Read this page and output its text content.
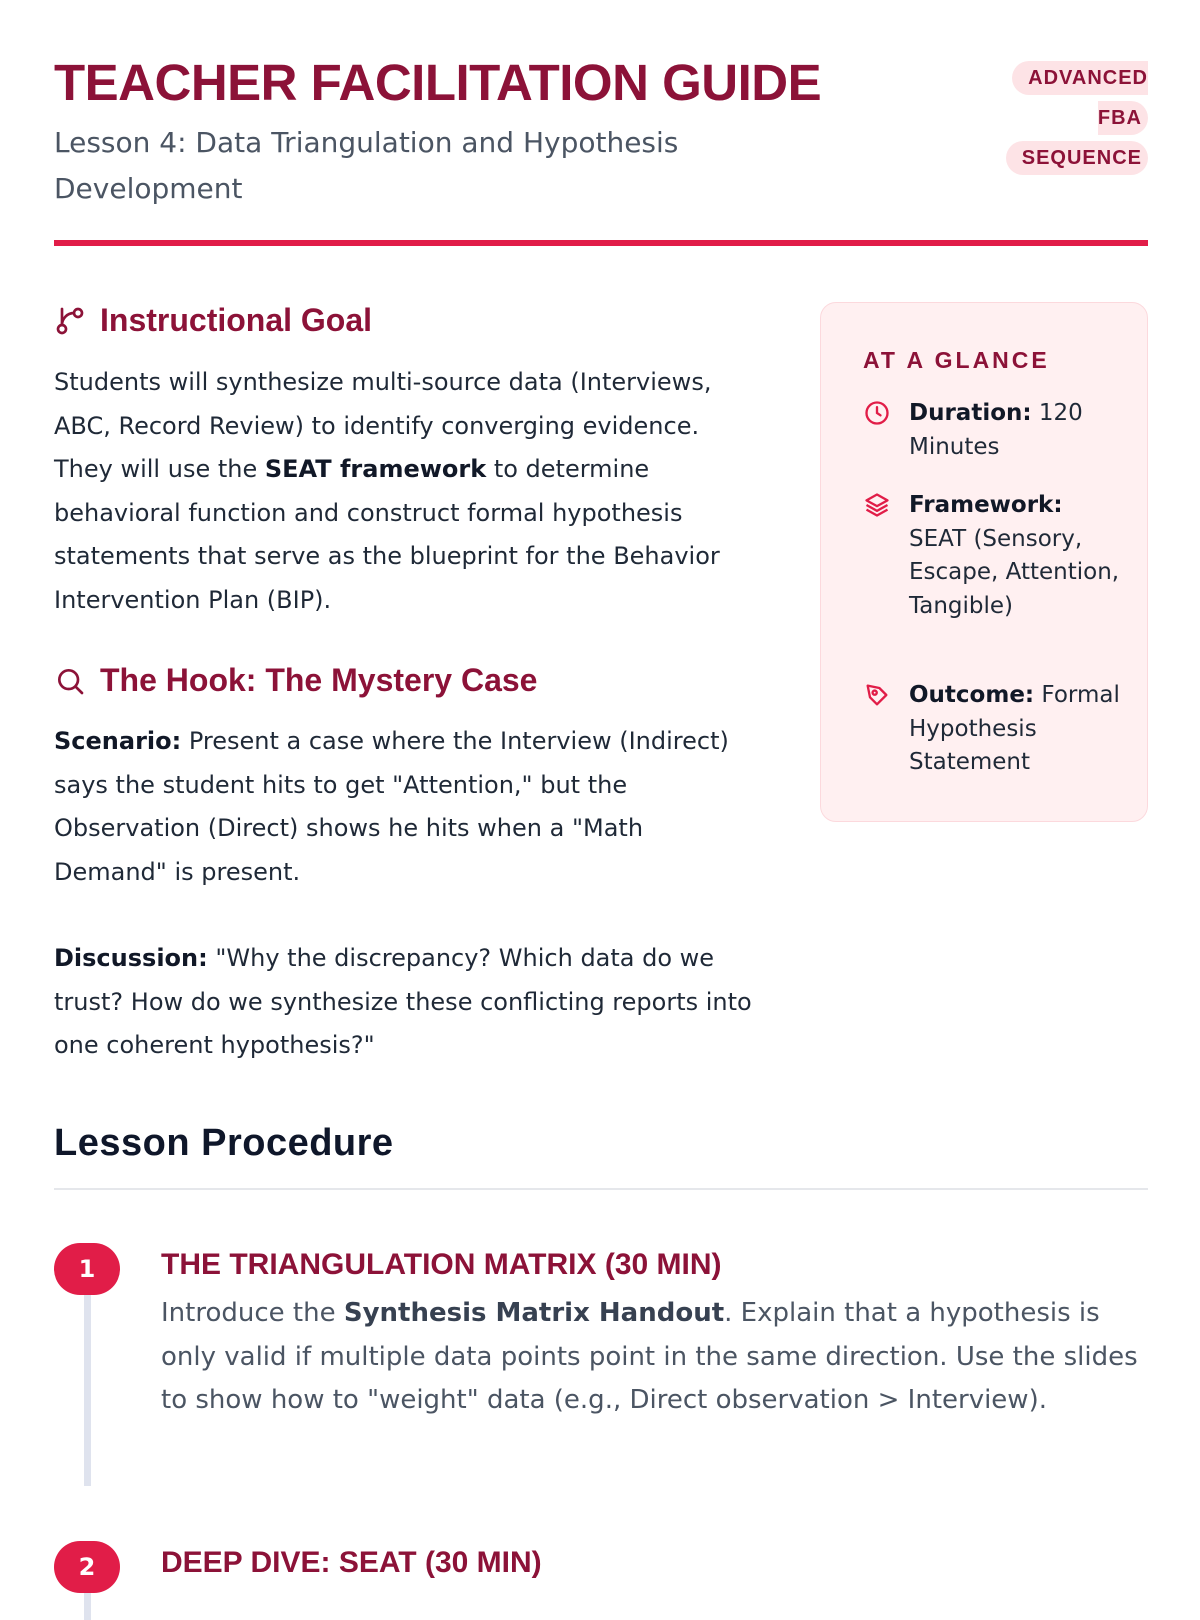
TEACHER FACILITATION GUIDE
Lesson 4: Data Triangulation and Hypothesis Development
ADVANCED FBA
SEQUENCE
Instructional Goal
Students will synthesize multi-source data (Interviews, ABC, Record Review) to identify converging evidence. They will use the SEAT framework to determine behavioral function and construct formal hypothesis statements that serve as the blueprint for the Behavior Intervention Plan (BIP).
The Hook: The Mystery Case
Scenario: Present a case where the Interview (Indirect) says the student hits to get "Attention," but the Observation (Direct) shows he hits when a "Math Demand" is present.
Discussion: "Why the discrepancy? Which data do we trust? How do we synthesize these conflicting reports into one coherent hypothesis?"
AT A GLANCE
Duration: 120 Minutes
Framework: SEAT (Sensory, Escape, Attention, Tangible)
Outcome: Formal Hypothesis Statement
Lesson Procedure
1	THE TRIANGULATION MATRIX (30 MIN)
Introduce the Synthesis Matrix Handout. Explain that a hypothesis is only valid if multiple data points point in the same direction. Use the slides to show how to "weight" data (e.g., Direct observation > Interview).
2	DEEP DIVE: SEAT (30 MIN)
